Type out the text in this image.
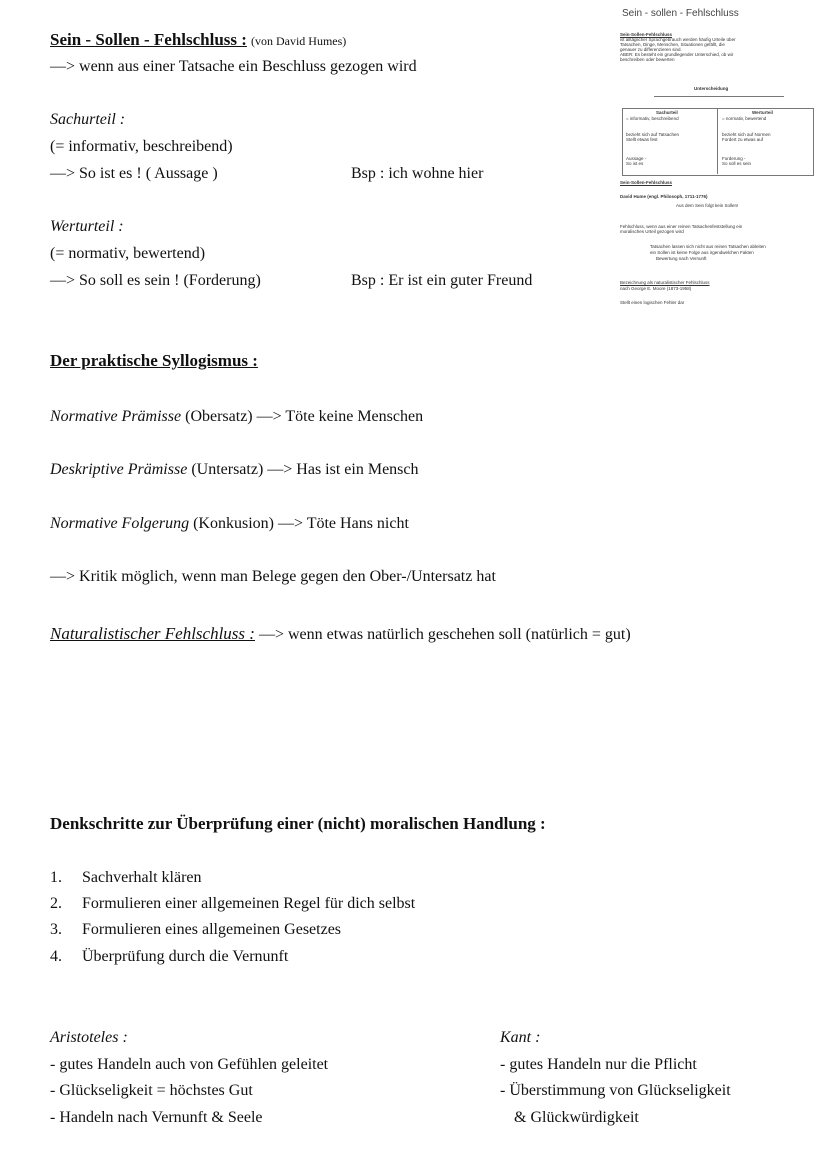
Sein - Sollen - Fehlschluss : (von David Humes)
—> wenn aus einer Tatsache ein Beschluss gezogen wird
Sachurteil :
(= informativ, beschreibend)
—> So ist es ! ( Aussage )	Bsp : ich wohne hier
Werturteil :
(= normativ, bewertend)
—> So soll es sein ! (Forderung)	Bsp : Er ist ein guter Freund
Sein - sollen - Fehlschluss
Sein-Sollen-Fehlschluss
ist alltäglicher Sprachgebrauch werden häufig Urteile über
Tatsachen, Dinge, Menschen, Situationen gefällt, die
genauer zu differenzieren sind.
ABER: Es besteht ein grundlegender Unterschied, ob wir
beschreiben oder bewerten
Unterscheidung
Sachurteil
= informativ, beschreibend
Werturteil
= normativ, bewertend
bezieht sich auf Tatsachen
Stellt etwas fest
bezieht sich auf Normen
Fordert zu etwas auf
Aussage -
So ist es
Forderung -
So soll es sein
Sein-Sollen-Fehlschluss
David Hume (engl. Philosoph, 1711-1776)
Aus dem Sein folgt kein Sollen!
Fehlschluss, wenn aus einer reinen Tatsachenfeststellung ein
moralisches Urteil gezogen wird
Tatsachen lassen sich nicht aus reinen Tatsachen ableiten
ein Sollen ist keine Folge aus irgendwelchen Fakten
Bewertung nach Vernunft
Bezeichnung als naturalistischer Fehlschluss
nach George E. Moore (1873-1958)
Stellt einen logischen Fehler dar
Der praktische Syllogismus :
Normative Prämisse (Obersatz) —> Töte keine Menschen
Deskriptive Prämisse (Untersatz) —> Has ist ein Mensch
Normative Folgerung (Konkusion) —> Töte Hans nicht
—> Kritik möglich, wenn man Belege gegen den Ober-/Untersatz hat
Naturalistischer Fehlschluss : —> wenn etwas natürlich geschehen soll (natürlich = gut)
Denkschritte zur Überprüfung einer (nicht) moralischen Handlung :
1. Sachverhalt klären
2. Formulieren einer allgemeinen Regel für dich selbst
3. Formulieren eines allgemeinen Gesetzes
4. Überprüfung durch die Vernunft
Aristoteles :
- gutes Handeln auch von Gefühlen geleitet
- Glückseligkeit = höchstes Gut
- Handeln nach Vernunft & Seele
Kant :
- gutes Handeln nur die Pflicht
- Überstimmung von Glückseligkeit
& Glückwürdigkeit
